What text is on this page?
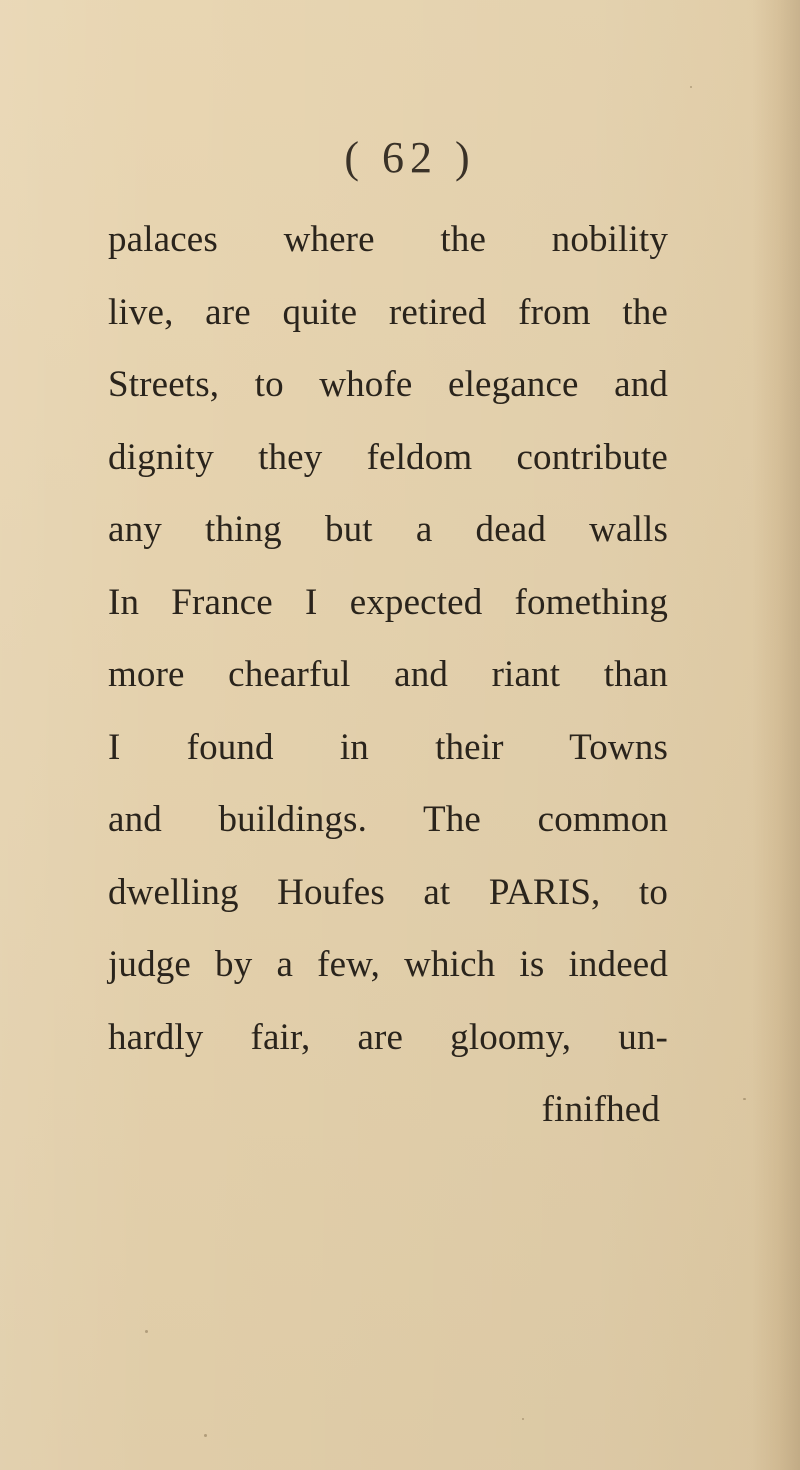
( 62 )
palaces where the nobility
live, are quite retired from the
Streets, to whofe elegance and
dignity they feldom contribute
any thing but a dead walls
In France I expected fomething
more chearful and riant than
I found in their Towns
and buildings. The common
dwelling Houfes at PARIS, to
judge by a few, which is indeed
hardly fair, are gloomy, un-
finifhed
